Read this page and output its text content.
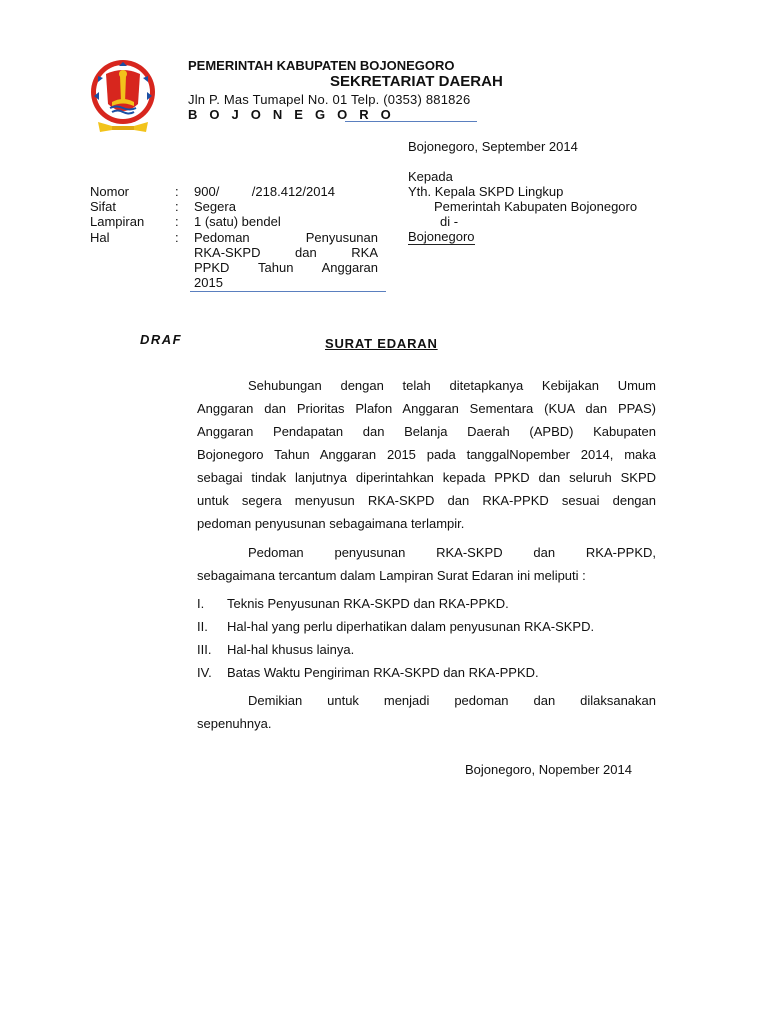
PEMERINTAH KABUPATEN BOJONEGORO
SEKRETARIAT DAERAH
Jln P. Mas Tumapel No. 01 Telp. (0353) 881826
B O J O N E G O R O
Bojonegoro, September 2014
Kepada
Yth. Kepala SKPD Lingkup
Pemerintah Kabupaten Bojonegoro
di -
Bojonegoro
Nomor	: 900/         /218.412/2014
Sifat	: Segera
Lampiran : 1 (satu) bendel
Hal	: Pedoman Penyusunan
RKA-SKPD dan RKA
PPKD Tahun Anggaran
2015
DRAF	SURAT EDARAN
Sehubungan dengan telah ditetapkanya Kebijakan Umum
Anggaran dan Prioritas Plafon Anggaran Sementara (KUA dan PPAS)
Anggaran Pendapatan dan Belanja Daerah (APBD) Kabupaten
Bojonegoro Tahun Anggaran 2015 pada tanggalNopember 2014, maka
sebagai tindak lanjutnya diperintahkan kepada PPKD dan seluruh SKPD
untuk segera menyusun RKA-SKPD dan RKA-PPKD sesuai dengan
pedoman penyusunan sebagaimana terlampir.
Pedoman penyusunan RKA-SKPD dan RKA-PPKD,
sebagaimana tercantum dalam Lampiran Surat Edaran ini meliputi :
I. Teknis Penyusunan RKA-SKPD dan RKA-PPKD.
II. Hal-hal yang perlu diperhatikan dalam penyusunan RKA-SKPD.
III. Hal-hal khusus lainya.
IV. Batas Waktu Pengiriman RKA-SKPD dan RKA-PPKD.
Demikian untuk menjadi pedoman dan dilaksanakan
sepenuhnya.
Bojonegoro, Nopember 2014
